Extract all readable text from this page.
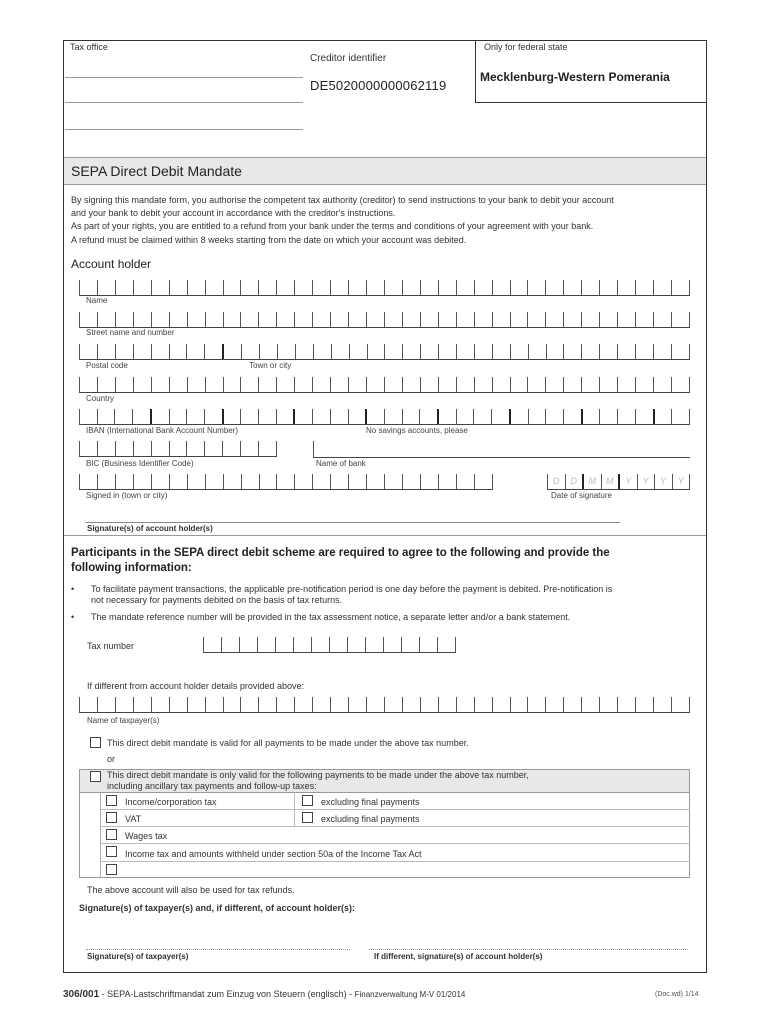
Tax office
Creditor identifier
DE5020000000062119
Only for federal state
Mecklenburg-Western Pomerania
SEPA Direct Debit Mandate
By signing this mandate form, you authorise the competent tax authority (creditor) to send instructions to your bank to debit your account
and your bank to debit your account in accordance with the creditor's instructions.
As part of your rights, you are entitled to a refund from your bank under the terms and conditions of your agreement with your bank.
A refund must be claimed within 8 weeks starting from the date on which your account was debited.
Account holder
Name
Street name and number
Postal code	Town or city
Country
IBAN (International Bank Account Number)	No savings accounts, please
BIC (Business Identifier Code)	Name of bank
D	D	M	M	Y	Y	Y	Y
Signed in (town or city)	Date of signature
Signature(s) of account holder(s)
Participants in the SEPA direct debit scheme are required to agree to the following and provide the
following information:
• To facilitate payment transactions, the applicable pre-notification period is one day before the payment is debited. Pre-notification is
not necessary for payments debited on the basis of tax returns.
• The mandate reference number will be provided in the tax assessment notice, a separate letter and/or a bank statement.
Tax number
If different from account holder details provided above:
Name of taxpayer(s)
This direct debit mandate is valid for all payments to be made under the above tax number.
or
This direct debit mandate is only valid for the following payments to be made under the above tax number,
including ancillary tax payments and follow-up taxes:
Income/corporation tax	excluding final payments
VAT	excluding final payments
Wages tax
Income tax and amounts withheld under section 50a of the Income Tax Act
The above account will also be used for tax refunds.
Signature(s) of taxpayer(s) and, if different, of account holder(s):
Signature(s) of taxpayer(s)	If different, signature(s) of account holder(s)
306/001 - SEPA-Lastschriftmandat zum Einzug von Steuern (englisch) - Finanzverwaltung M-V 01/2014	(Doc.wd) 1/14
